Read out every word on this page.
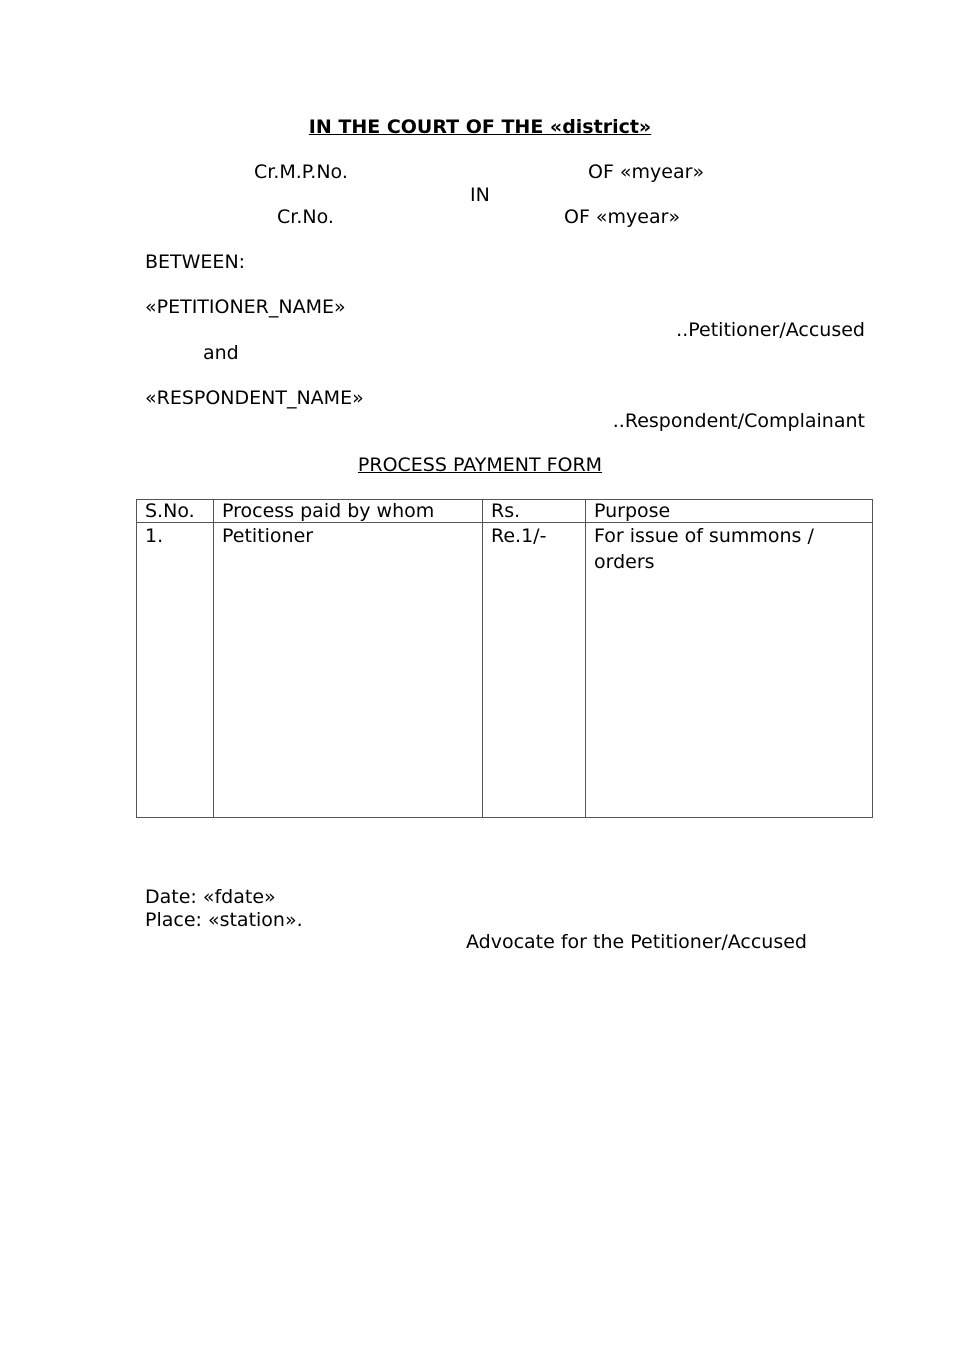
IN THE COURT OF THE «district»
Cr.M.P.No.	OF «myear»
IN
Cr.No.	OF «myear»
BETWEEN:
«PETITIONER_NAME»
..Petitioner/Accused
and
«RESPONDENT_NAME»
..Respondent/Complainant
PROCESS PAYMENT FORM
S.No.	Process paid by whom	Rs.	Purpose
1.	Petitioner	Re.1/-	For issue of summons / orders
Date: «fdate»
Place: «station».
Advocate for the Petitioner/Accused
